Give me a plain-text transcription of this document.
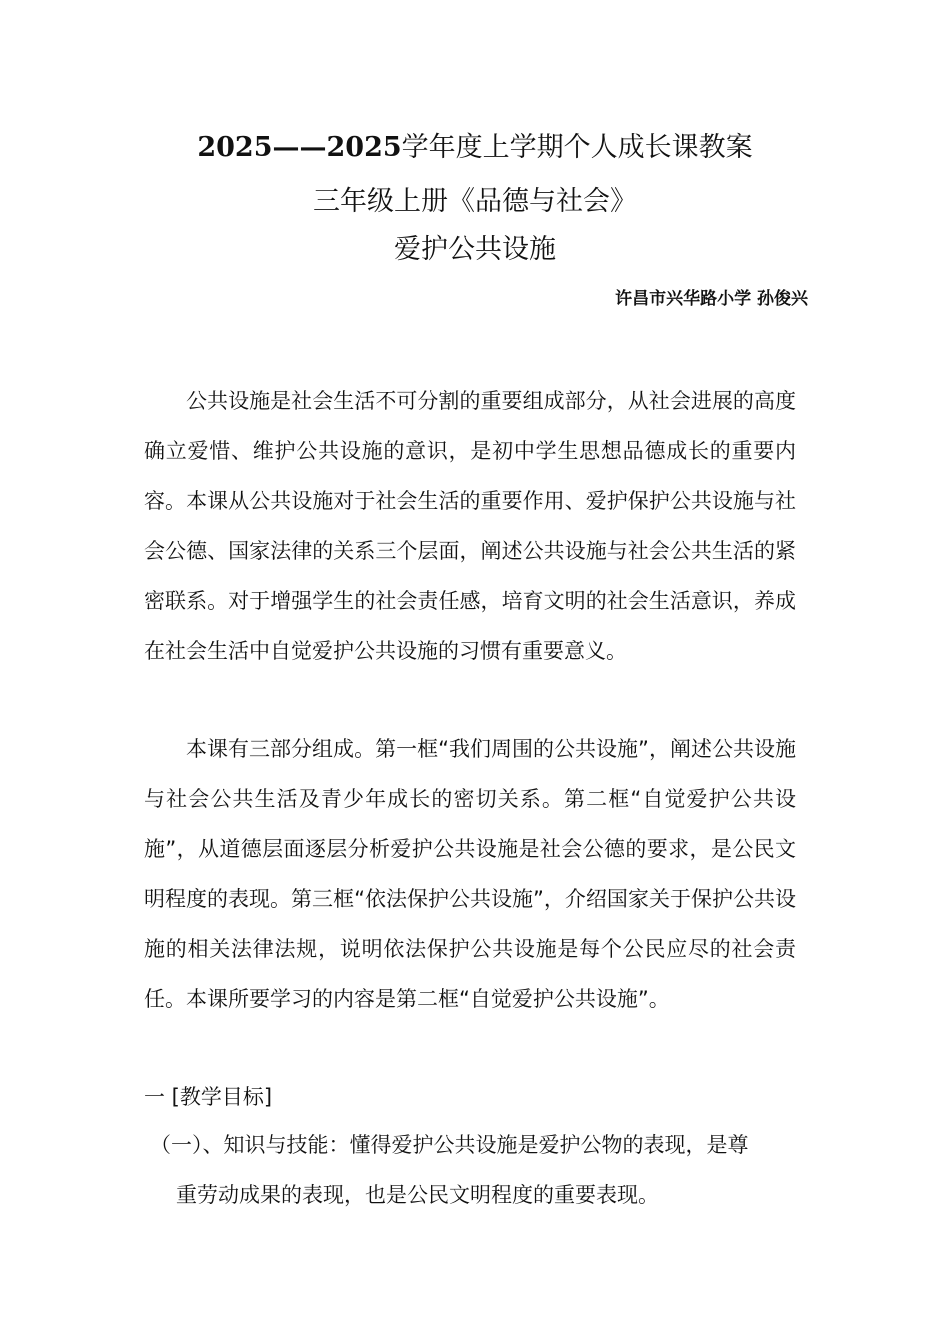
2025——2025学年度上学期个人成长课教案
三年级上册《品德与社会》
爱护公共设施
许昌市兴华路小学 孙俊兴

公共设施是社会生活不可分割的重要组成部分，从社会进展的高度确立爱惜、维护公共设施的意识，是初中学生思想品德成长的重要内容。本课从公共设施对于社会生活的重要作用、爱护保护公共设施与社会公德、国家法律的关系三个层面，阐述公共设施与社会公共生活的紧密联系。对于增强学生的社会责任感，培育文明的社会生活意识，养成在社会生活中自觉爱护公共设施的习惯有重要意义。

本课有三部分组成。第一框“我们周围的公共设施”，阐述公共设施与社会公共生活及青少年成长的密切关系。第二框“自觉爱护公共设施”，从道德层面逐层分析爱护公共设施是社会公德的要求，是公民文明程度的表现。第三框“依法保护公共设施”，介绍国家关于保护公共设施的相关法律法规，说明依法保护公共设施是每个公民应尽的社会责任。本课所要学习的内容是第二框“自觉爱护公共设施”。

一 [教学目标]
（一）、知识与技能：懂得爱护公共设施是爱护公物的表现，是尊
重劳动成果的表现，也是公民文明程度的重要表现。
